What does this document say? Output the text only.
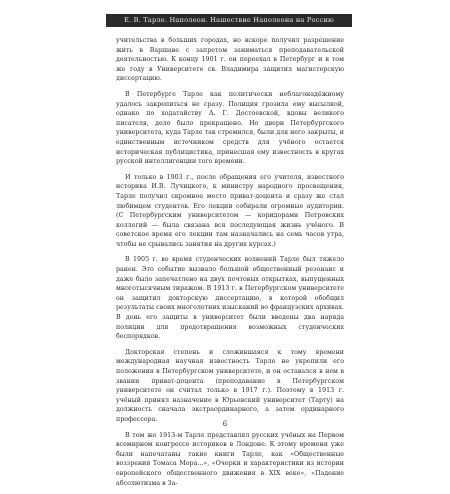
Е. В. Тарле. Наполеон. Нашествие Наполеона на Россию

учительства в больших городах, но вскоре получил разрешение жить в Варшаве с запретом заниматься преподавательской деятельностью. К концу 1901 г. он переехал в Петербург и в том же году в Университете св. Владимира защитил магистерскую диссертацию.

В Петербурге Тарле как политически неблагонадёжному удалось закрепиться не сразу. Полиция грозила ему высылкой, однако по ходатайству А. Г. Достоевской, вдовы великого писателя, дело было прекращено. Но двери Петербургского университета, куда Тарле так стремился, были для него закрыты, и единственным источником средств для учёного остается историческая публицистика, принесшая ему известность в кругах русской интеллигенции того времени.

И только в 1903 г., после обращения его учителя, известного историка И.В. Лучицкого, к министру народного просвещения, Тарле получил скромное место приват-доцента и сразу же стал любимцем студентов. Его лекции собирали огромные аудитории. (С Петербургским университетом — коридорами Петровских коллегий — была связана вся последующая жизнь учёного. В советское время его лекции там назначались на семь часов утра, чтобы не срывались занятия на других курсах.)

В 1905 г. во время студенческих волнений Тарле был тяжело ранен. Это событие вызвало большой общественный резонанс и даже было запечатлено на двух почтовых открытках, выпущенных многотысячным тиражом. В 1913 г. в Петербургском университете он защитил докторскую диссертацию, в которой обобщил результаты своих многолетних изысканий во французских архивах. В день его защиты в университет были введены два наряда полиции для предотвращения возможных студенческих беспорядков.

Докторская степень и сложившаяся к тому времени международная научная известность Тарле не укрепили его положения в Петербургском университете, и он оставался в нем в звании приват-доцента (преподавание в Петербургском университете он считал только в 1917 г.). Поэтому в 1913 г. учёный принял назначение в Юрьевский университет (Тарту) на должность сначала экстраординарного, а затем ординарного профессора.

В том же 1913-м Тарле представлял русских учёных на Первом всемирном конгрессе историков в Лондоне. К этому времени уже были напечатаны такие книги Тарле, как «Общественные воззрения Томаса Мора...», «Очерки и характеристики из истории европейского общественного движения в XIX веке», «Падение абсолютизма в За-

6
